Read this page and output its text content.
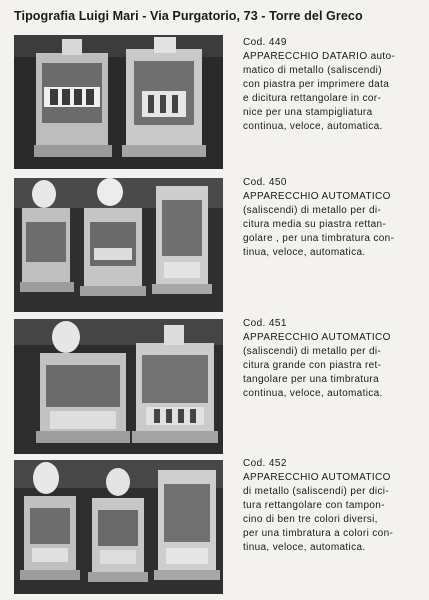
Tipografia Luigi Mari - Via Purgatorio, 73 - Torre del Greco
Cod. 449
APPARECCHIO DATARIO auto-
matico di metallo (saliscendi)
con piastra per imprimere data
e dicitura rettangolare in cor-
nice per una stampigliatura
continua, veloce, automatica.
Cod. 450
APPARECCHIO AUTOMATICO
(saliscendi) di metallo per di-
citura media su piastra rettan-
golare , per una timbratura con-
tinua, veloce, automatica.
Cod. 451
APPARECCHIO AUTOMATICO
(saliscendi) di metallo per di-
citura grande con piastra ret-
tangolare per una timbratura
continua, veloce, automatica.
Cod. 452
APPARECCHIO AUTOMATICO
di metallo (saliscendi) per dici-
tura rettangolare con tampon-
cino di ben tre colori diversi,
per una timbratura a colori con-
tinua, veloce, automatica.
